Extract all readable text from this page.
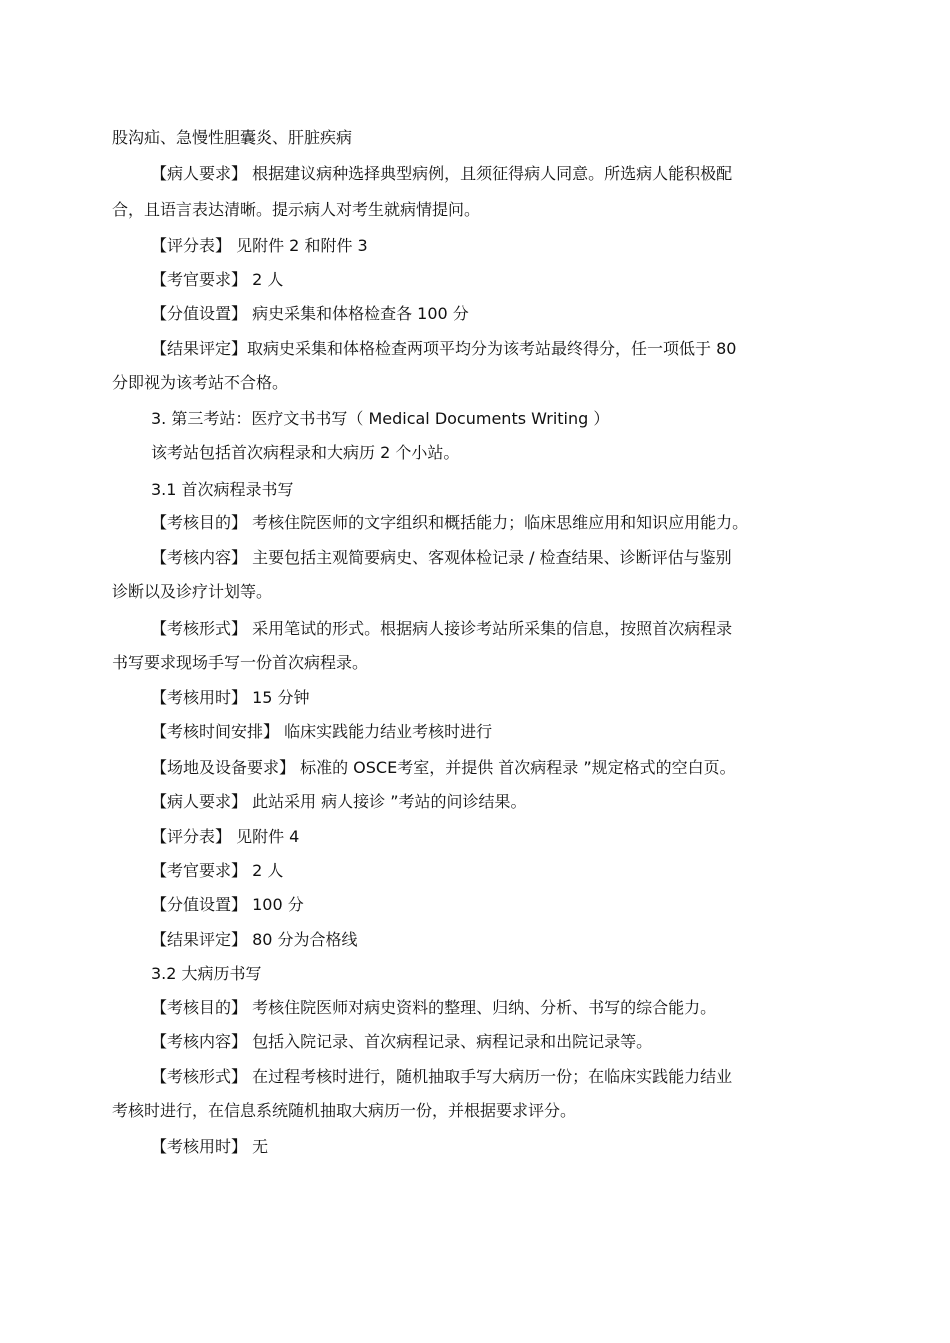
股沟疝、急慢性胆囊炎、肝脏疾病
【病人要求】 根据建议病种选择典型病例，且须征得病人同意。所选病人能积极配
合，且语言表达清晰。提示病人对考生就病情提问。
【评分表】 见附件 2 和附件 3
【考官要求】 2 人
【分值设置】 病史采集和体格检查各 100 分
【结果评定】取病史采集和体格检查两项平均分为该考站最终得分，任一项低于 80
分即视为该考站不合格。
3. 第三考站：医疗文书书写（ Medical Documents Writing ）
该考站包括首次病程录和大病历 2 个小站。
3.1 首次病程录书写
【考核目的】 考核住院医师的文字组织和概括能力；临床思维应用和知识应用能力。
【考核内容】 主要包括主观简要病史、客观体检记录 / 检查结果、诊断评估与鉴别
诊断以及诊疗计划等。
【考核形式】 采用笔试的形式。根据病人接诊考站所采集的信息，按照首次病程录
书写要求现场手写一份首次病程录。
【考核用时】 15 分钟
【考核时间安排】 临床实践能力结业考核时进行
【场地及设备要求】 标准的 OSCE考室，并提供 首次病程录 ”规定格式的空白页。
【病人要求】 此站采用 病人接诊 ”考站的问诊结果。
【评分表】 见附件 4
【考官要求】 2 人
【分值设置】 100 分
【结果评定】 80 分为合格线
3.2 大病历书写
【考核目的】 考核住院医师对病史资料的整理、归纳、分析、书写的综合能力。
【考核内容】 包括入院记录、首次病程记录、病程记录和出院记录等。
【考核形式】 在过程考核时进行，随机抽取手写大病历一份；在临床实践能力结业
考核时进行，在信息系统随机抽取大病历一份，并根据要求评分。
【考核用时】 无
